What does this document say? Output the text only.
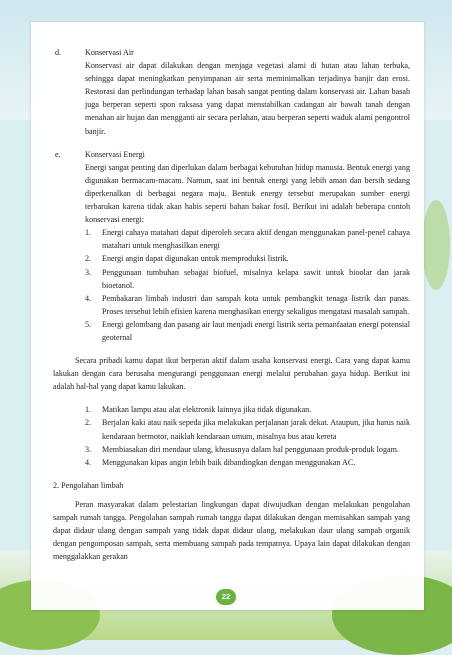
d.	Konservasi Air

Konservasi air dapat dilakukan dengan menjaga vegetasi alami di hutan atau lahan terbuka, sehingga dapat meningkatkan penyimpanan air serta meminimalkan terjadinya banjir dan erosi. Restorasi dan perlindungan terhadap lahan basah sangat penting dalam konservasi air. Lahan basah juga berperan seperti spon raksasa yang dapat menstabilkan cadangan air bawah tanah dengan menahan air hujan dan mengganti air secara perlahan, atau berperan seperti waduk alami pengontrol banjir.

e.	Konservasi Energi

Energi sangat penting dan diperlukan dalam berbagai kebutuhan hidup manusia. Bentuk energi yang digunakan bermacam-macam. Namun, saat ini bentuk energi yang lebih aman dan bersih sedang diperkenalkan di berbagai negara maju. Bentuk energy tersebut merupakan sumber energi terbarukan karena tidak akan habis seperti bahan bakar fosil. Berikut ini adalah beberapa contoh konservasi energi:

1. Energi cahaya matahari dapat diperoleh secara aktif dengan menggunakan panel-penel cahaya matahari untuk menghasilkan energi
2. Energi angin dapat digunakan untuk memproduksi listrik.
3. Penggunaan tumbuhan sebagai biofuel, misalnya kelapa sawit untuk bioolar dan jarak bioetanol.
4. Pembakaran limbah industri dan sampah kota untuk pembangkit tenaga listrik dan panas. Proses tersebut lebih efisien karena menghasikan energy sekaligus mengatasi masalah sampah.
5. Energi gelombang dan pasang air laut menjadi energi listrik serta pemanfaatan energi potensial geoternal

Secara pribadi kamu dapat ikut berperan aktif dalam usaha konservasi energi. Cara yang dapat kamu lakukan dengan cara berusaha mengurangi penggunaan energi melalui perubahan gaya hidup. Berikut ini adalah hal-hal yang dapat kamu lakukan.

1. Matikan lampu atau alat elektronik lainnya jika tidak digunakan.
2. Berjalan kaki atau naik sepeda jika melakukan perjalanan jarak dekat. Ataupun, jika harus naik kendaraan bermotor, naiklah kendaraan umum, misalnya bus atau kereta
3. Membiasakan diri mendaur ulang, khususnya dalam hal penggunaan produk-produk logam.
4. Menggunakan kipas angin lebih baik dibandingkan dengan menggunakan AC.

2. Pengolahan limbah

Peran masyarakat dalam pelestarian lingkungan dapat diwujudkan dengan melakukan pengolahan sampah rumah tangga. Pengolahan sampah rumah tangga dapat dilakukan dengan memisahkan sampah yang dapat didaur ulang dengan sampah yang tidak dapat didaur ulang, melakukan daur ulang sampah organik dengan pengomposan sampah, serta membuang sampah pada tempatnya. Upaya lain dapat dilakukan dengan menggalakkan gerakan

22
